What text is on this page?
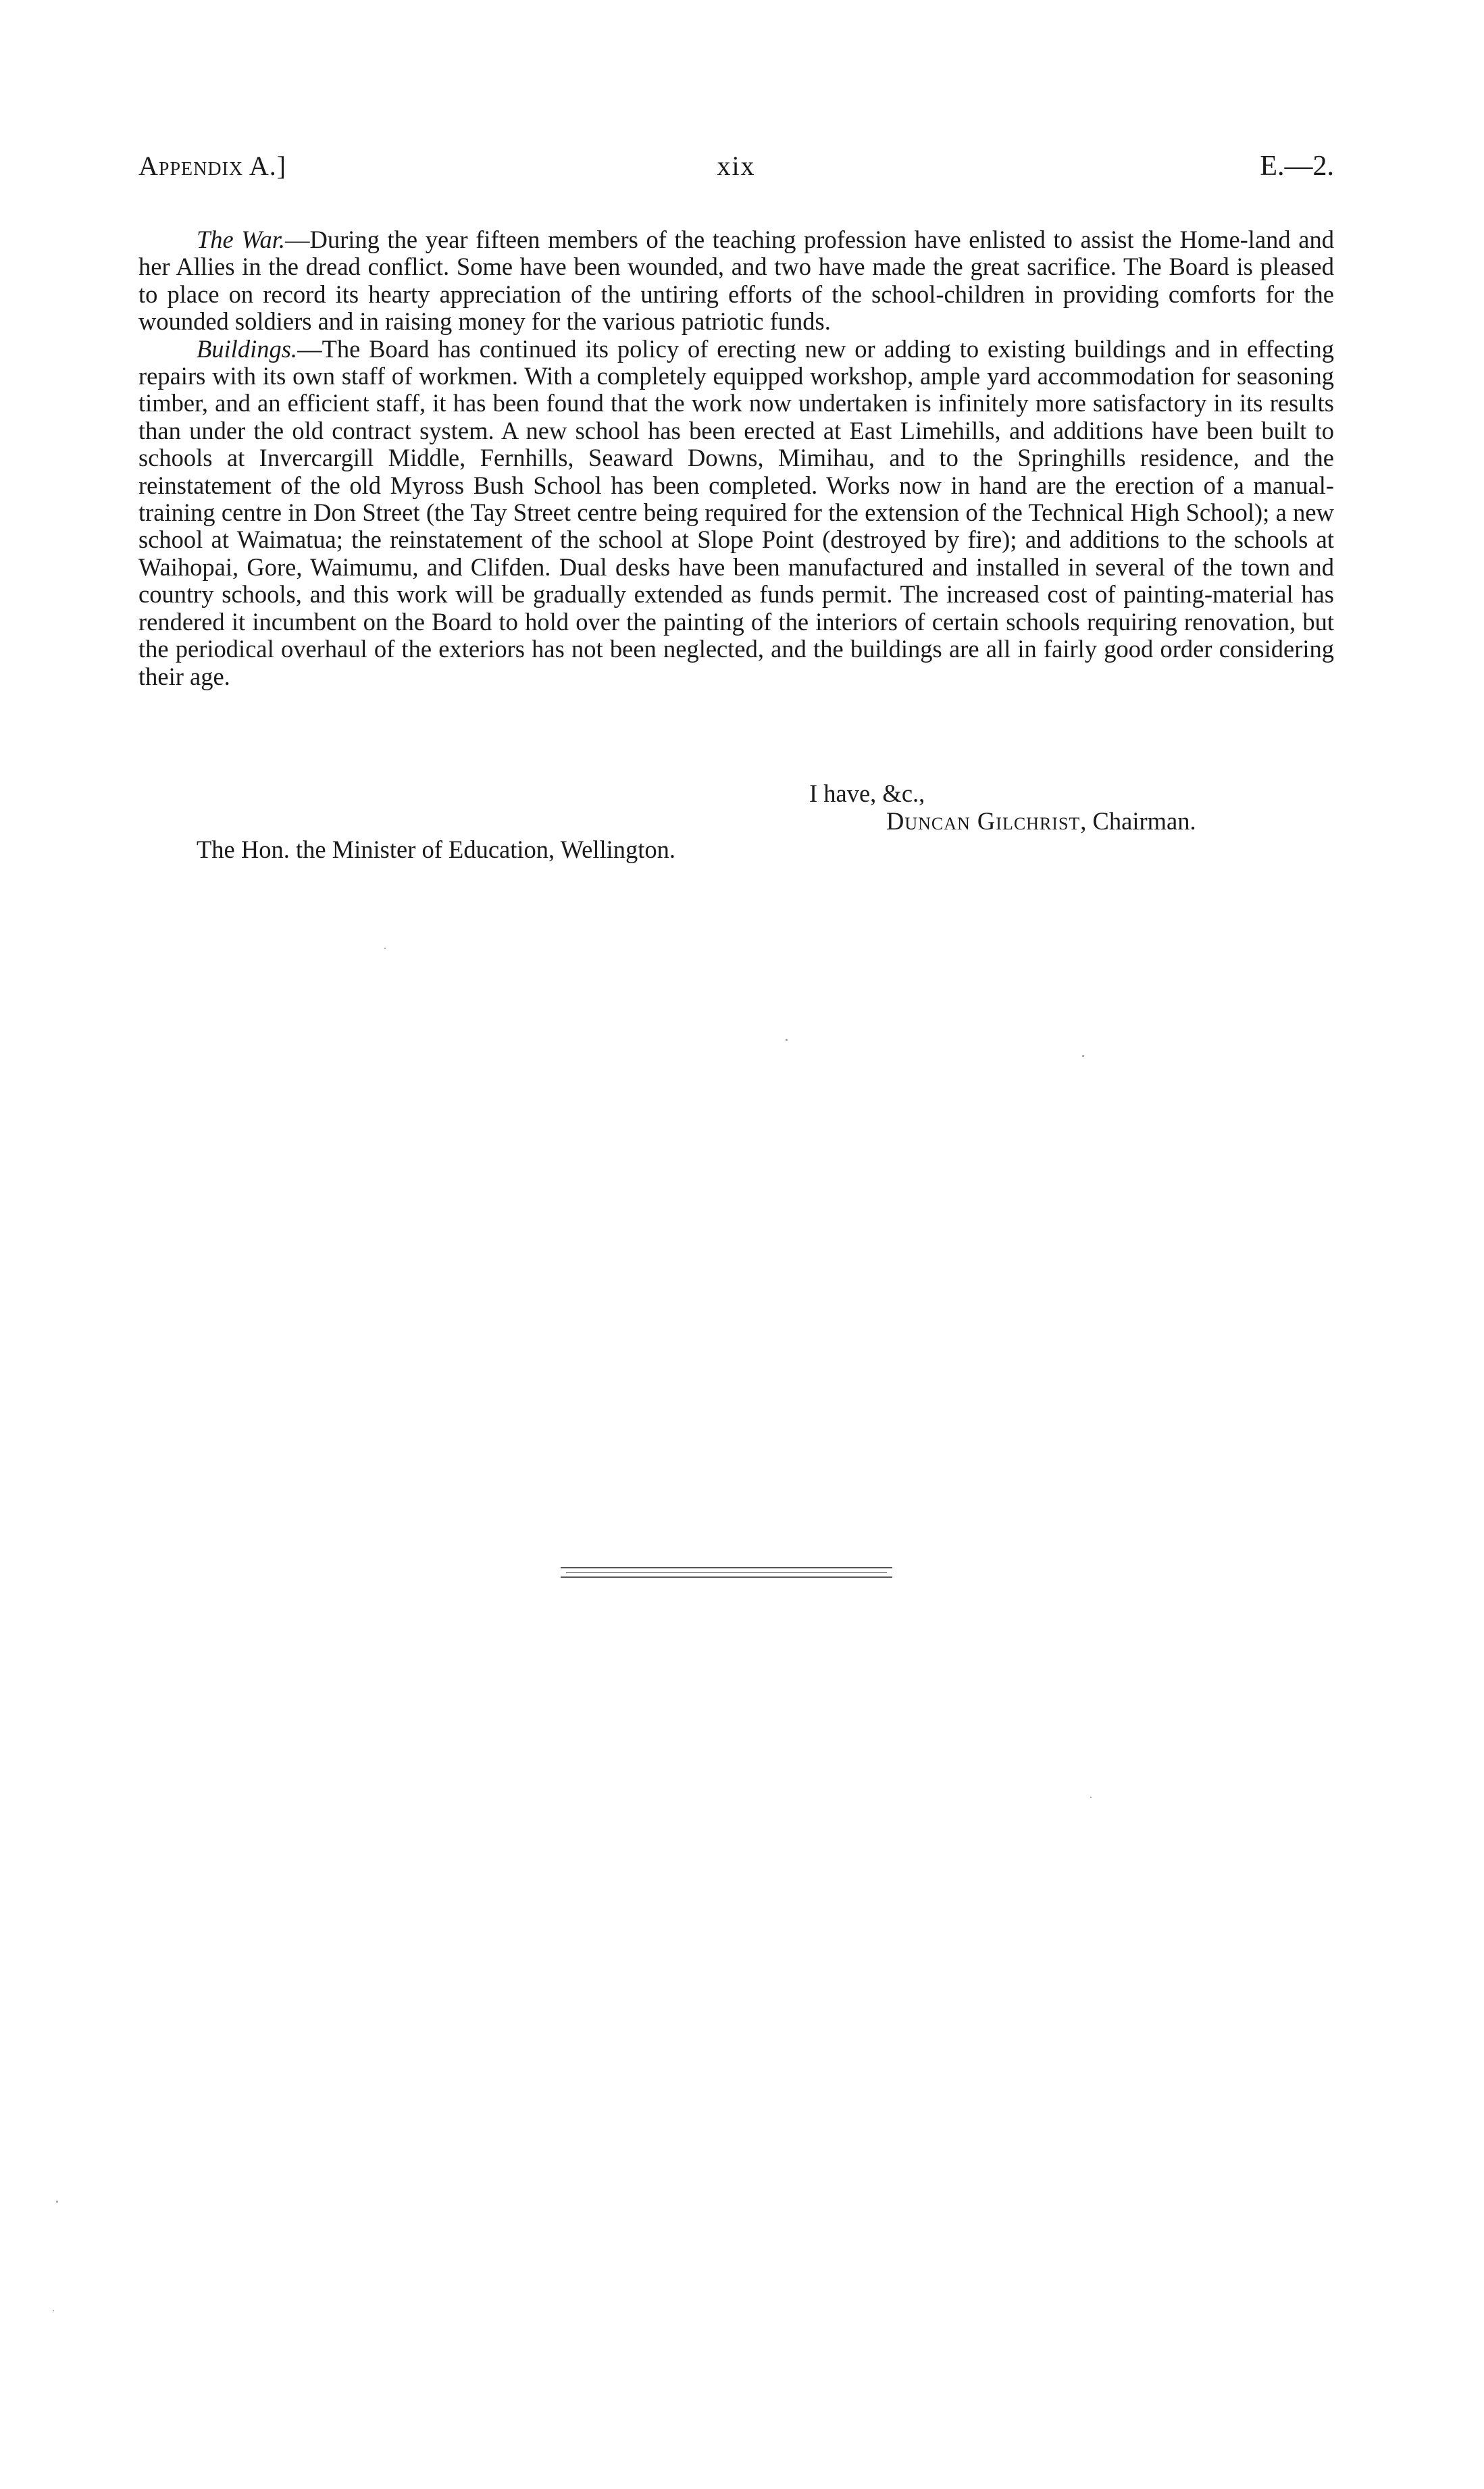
Appendix A.]	xix	E.—2.

The War.—During the year fifteen members of the teaching profession have enlisted to assist the Home-land and her Allies in the dread conflict. Some have been wounded, and two have made the great sacrifice. The Board is pleased to place on record its hearty appreciation of the untiring efforts of the school-children in providing comforts for the wounded soldiers and in raising money for the various patriotic funds.

Buildings.—The Board has continued its policy of erecting new or adding to existing buildings and in effecting repairs with its own staff of workmen. With a completely equipped workshop, ample yard accommodation for seasoning timber, and an efficient staff, it has been found that the work now undertaken is infinitely more satisfactory in its results than under the old contract system. A new school has been erected at East Limehills, and additions have been built to schools at Invercargill Middle, Fernhills, Seaward Downs, Mimihau, and to the Springhills residence, and the reinstatement of the old Myross Bush School has been completed. Works now in hand are the erection of a manual-training centre in Don Street (the Tay Street centre being required for the extension of the Technical High School); a new school at Waimatua; the reinstatement of the school at Slope Point (destroyed by fire); and additions to the schools at Waihopai, Gore, Waimumu, and Clifden. Dual desks have been manufactured and installed in several of the town and country schools, and this work will be gradually extended as funds permit. The increased cost of painting-material has rendered it incumbent on the Board to hold over the painting of the interiors of certain schools requiring renovation, but the periodical overhaul of the exteriors has not been neglected, and the buildings are all in fairly good order considering their age.

I have, &c.,
Duncan Gilchrist, Chairman.
The Hon. the Minister of Education, Wellington.
